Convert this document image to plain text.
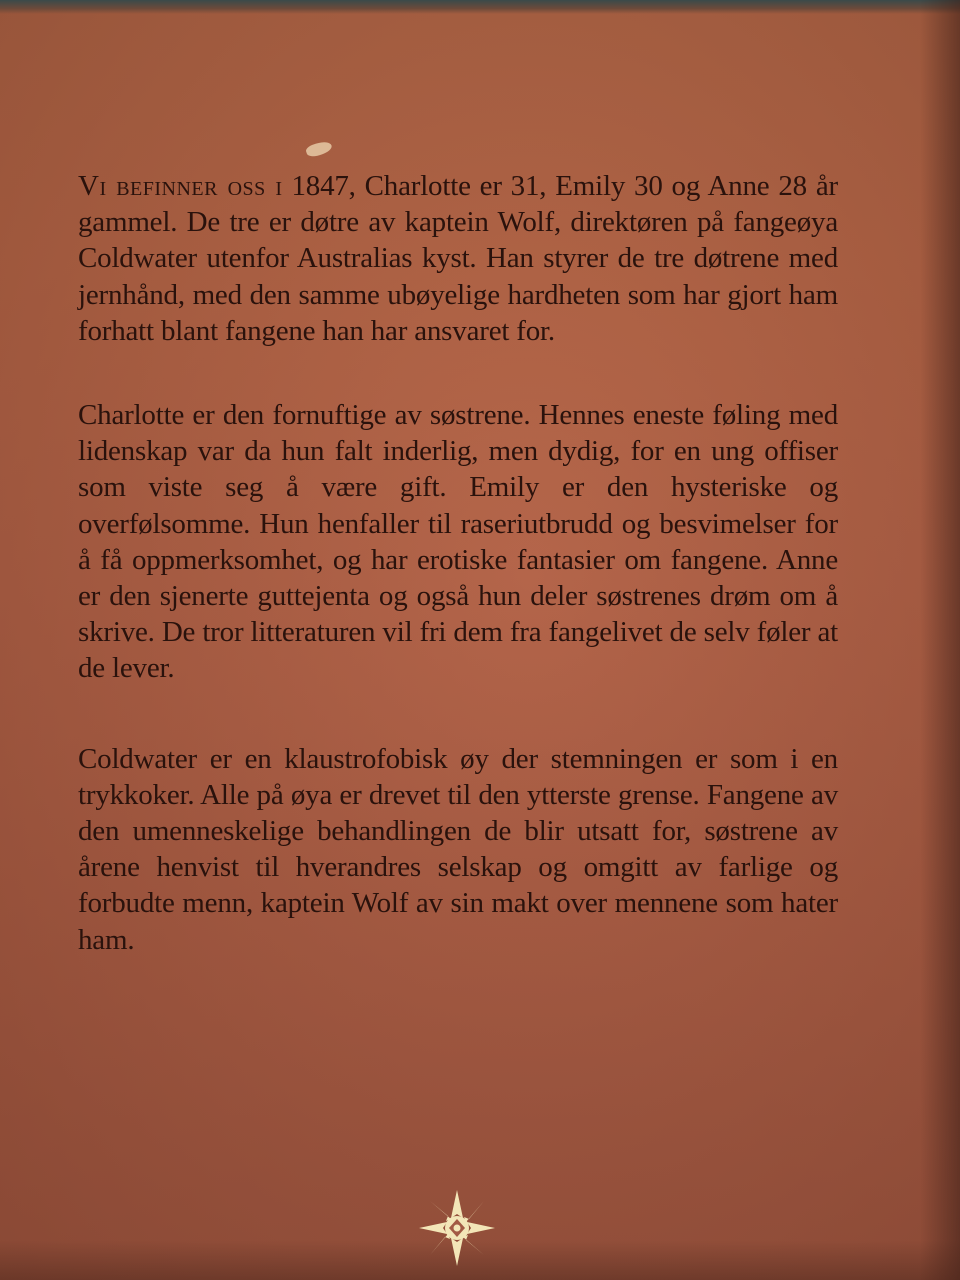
Vi befinner oss i 1847, Charlotte er 31, Emily 30 og Anne 28 år gammel. De tre er døtre av kaptein Wolf, direktøren på fangeøya Coldwater utenfor Australias kyst. Han styrer de tre døtrene med jernhånd, med den samme ubøyelige hardheten som har gjort ham forhatt blant fangene han har ansvaret for.

Charlotte er den fornuftige av søstrene. Hennes eneste føling med lidenskap var da hun falt inderlig, men dydig, for en ung offiser som viste seg å være gift. Emily er den hysteriske og overfølsomme. Hun henfaller til raseriutbrudd og besvimelser for å få oppmerksomhet, og har erotiske fantasier om fangene. Anne er den sjenerte guttejenta og også hun deler søstrenes drøm om å skrive. De tror litteraturen vil fri dem fra fangelivet de selv føler at de lever.

Coldwater er en klaustrofobisk øy der stemningen er som i en trykkoker. Alle på øya er drevet til den ytterste grense. Fangene av den umenneskelige behandlingen de blir utsatt for, søstrene av årene henvist til hverandres selskap og omgitt av farlige og forbudte menn, kaptein Wolf av sin makt over mennene som hater ham.
